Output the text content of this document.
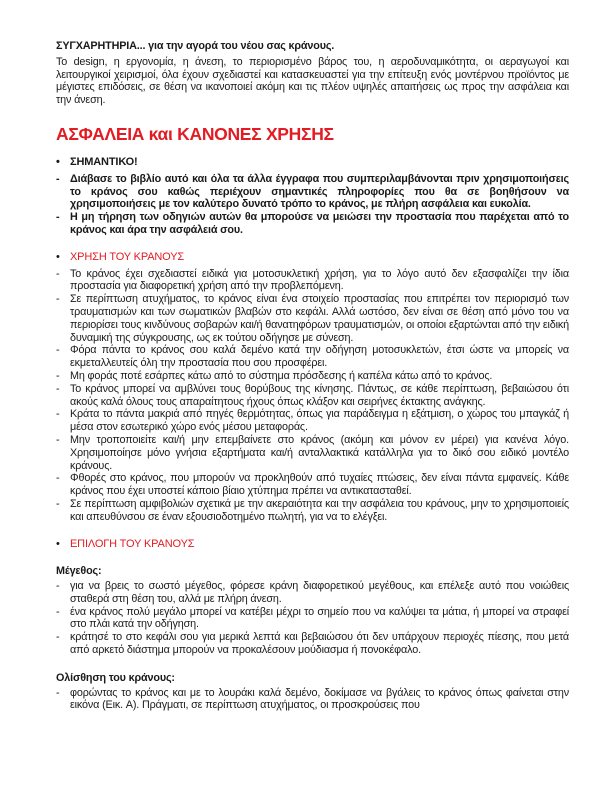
ΣΥΓΧΑΡΗΤΗΡΙΑ... για την αγορά του νέου σας κράνους.

Το design, η εργονομία, η άνεση, το περιορισμένο βάρος του, η αεροδυναμικότητα, οι αεραγωγοί και λειτουργικοί χειρισμοί, όλα έχουν σχεδιαστεί και κατασκευαστεί για την επίτευξη ενός μοντέρνου προϊόντος με μέγιστες επιδόσεις, σε θέση να ικανοποιεί ακόμη και τις πλέον υψηλές απαιτήσεις ως προς την ασφάλεια και την άνεση.

ΑΣΦΑΛΕΙΑ και ΚΑΝΟΝΕΣ ΧΡΗΣΗΣ
• ΣΗΜΑΝΤΙΚΟ!
- Διάβασε το βιβλίο αυτό και όλα τα άλλα έγγραφα που συμπεριλαμβάνονται πριν χρησιμοποιήσεις το κράνος σου καθώς περιέχουν σημαντικές πληροφορίες που θα σε βοηθήσουν να χρησιμοποιήσεις με τον καλύτερο δυνατό τρόπο το κράνος, με πλήρη ασφάλεια και ευκολία.
- Η μη τήρηση των οδηγιών αυτών θα μπορούσε να μειώσει την προστασία που παρέχεται από το κράνος και άρα την ασφάλειά σου.
• ΧΡΗΣΗ ΤΟΥ ΚΡΑΝΟΥΣ
- Το κράνος έχει σχεδιαστεί ειδικά για μοτοσυκλετική χρήση, για το λόγο αυτό δεν εξασφαλίζει την ίδια προστασία για διαφορετική χρήση από την προβλεπόμενη.
- Σε περίπτωση ατυχήματος, το κράνος είναι ένα στοιχείο προστασίας που επιτρέπει τον περιορισμό των τραυματισμών και των σωματικών βλαβών στο κεφάλι. Αλλά ωστόσο, δεν είναι σε θέση από μόνο του να περιορίσει τους κινδύνους σοβαρών και/ή θανατηφόρων τραυματισμών, οι οποίοι εξαρτώνται από την ειδική δυναμική της σύγκρουσης, ως εκ τούτου οδήγησε με σύνεση.
- Φόρα πάντα το κράνος σου καλά δεμένο κατά την οδήγηση μοτοσυκλετών, έτσι ώστε να μπορείς να εκμεταλλευτείς όλη την προστασία που σου προσφέρει.
- Μη φοράς ποτέ εσάρπες κάτω από το σύστημα πρόσδεσης ή καπέλα κάτω από το κράνος.
- Το κράνος μπορεί να αμβλύνει τους θορύβους της κίνησης. Πάντως, σε κάθε περίπτωση, βεβαιώσου ότι ακούς καλά όλους τους απαραίτητους ήχους όπως κλάξον και σειρήνες έκτακτης ανάγκης.
- Κράτα το πάντα μακριά από πηγές θερμότητας, όπως για παράδειγμα η εξάτμιση, ο χώρος του μπαγκάζ ή μέσα στον εσωτερικό χώρο ενός μέσου μεταφοράς.
- Μην τροποποιείτε και/ή μην επεμβαίνετε στο κράνος (ακόμη και μόνον εν μέρει) για κανένα λόγο. Χρησιμοποίησε μόνο γνήσια εξαρτήματα και/ή ανταλλακτικά κατάλληλα για το δικό σου ειδικό μοντέλο κράνους.
- Φθορές στο κράνος, που μπορούν να προκληθούν από τυχαίες πτώσεις, δεν είναι πάντα εμφανείς. Κάθε κράνος που έχει υποστεί κάποιο βίαιο χτύπημα πρέπει να αντικατασταθεί.
- Σε περίπτωση αμφιβολιών σχετικά με την ακεραιότητα και την ασφάλεια του κράνους, μην το χρησιμοποιείς και απευθύνσου σε έναν εξουσιοδοτημένο πωλητή, για να το ελέγξει.
• ΕΠΙΛΟΓΗ ΤΟΥ ΚΡΑΝΟΥΣ
Μέγεθος:
- για να βρεις το σωστό μέγεθος, φόρεσε κράνη διαφορετικού μεγέθους, και επέλεξε αυτό που νοιώθεις σταθερά στη θέση του, αλλά με πλήρη άνεση.
- ένα κράνος πολύ μεγάλο μπορεί να κατέβει μέχρι το σημείο που να καλύψει τα μάτια, ή μπορεί να στραφεί στο πλάι κατά την οδήγηση.
- κράτησέ το στο κεφάλι σου για μερικά λεπτά και βεβαιώσου ότι δεν υπάρχουν περιοχές πίεσης, που μετά από αρκετό διάστημα μπορούν να προκαλέσουν μούδιασμα ή πονοκέφαλο.
Ολίσθηση του κράνους:
- φορώντας το κράνος και με το λουράκι καλά δεμένο, δοκίμασε να βγάλεις το κράνος όπως φαίνεται στην εικόνα (Εικ. A). Πράγματι, σε περίπτωση ατυχήματος, οι προσκρούσεις που
